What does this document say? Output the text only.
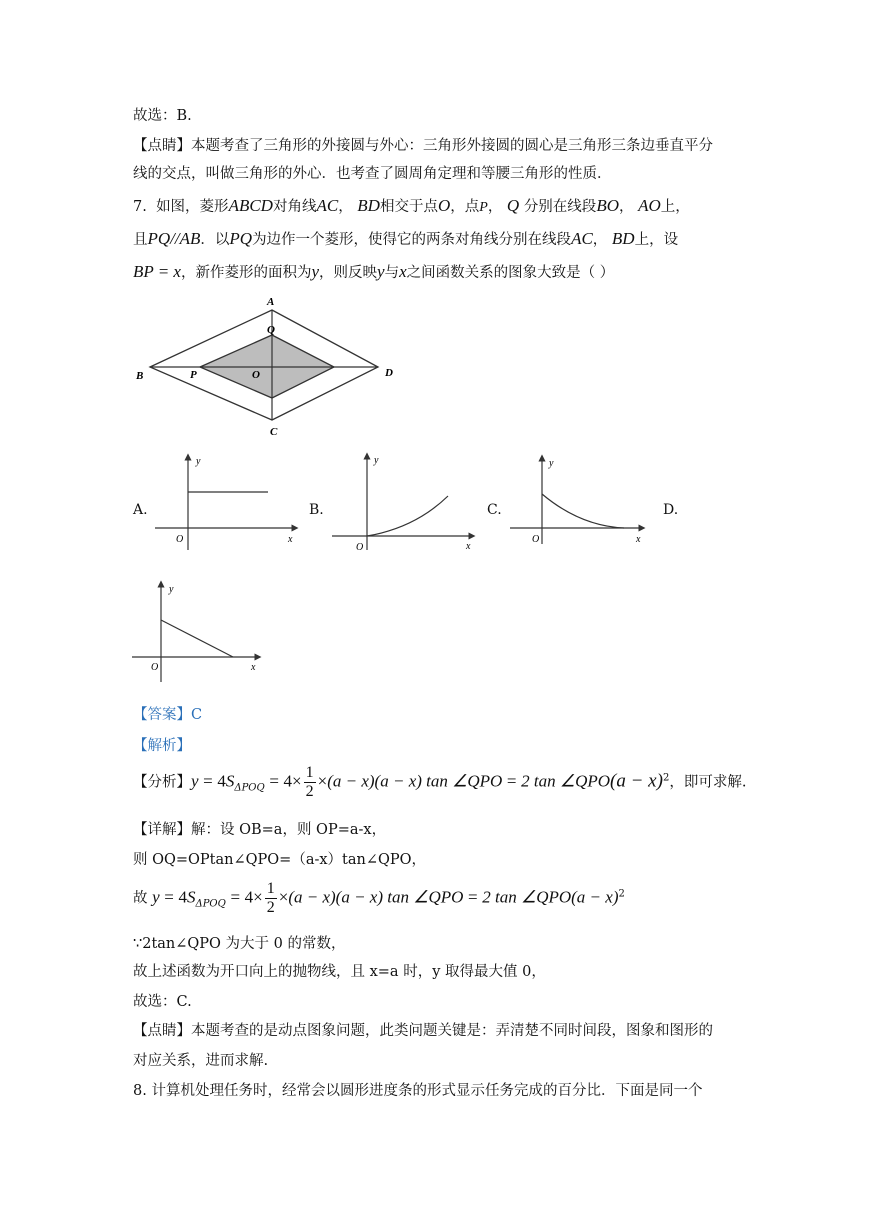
故选：B.
【点睛】本题考查了三角形的外接圆与外心：三角形外接圆的圆心是三角形三条边垂直平分
线的交点，叫做三角形的外心．也考查了圆周角定理和等腰三角形的性质．
7. 如图，菱形ABCD对角线AC， BD相交于点O，点P， Q 分别在线段BO， AO上，
且PQ//AB．以PQ为边作一个菱形，使得它的两条对角线分别在线段AC， BD上，设
BP = x，新作菱形的面积为y，则反映y与x之间函数关系的图象大致是（ ）
A
B
C
D
O
P
Q
A.
y
x
O
B.
y
x
O
C.
y
x
O
D.
y
x
O
【答案】C
【解析】
【分析】$y = 4S_{\Delta POQ} = 4\times \frac{1}{2} \times(a - x)(a - x)$ tan ∠QPO = 2 tan ∠QPO(a − x)$^2$，即可求解.
【详解】解：设 OB=a，则 OP=a-x，
则 OQ=OPtan∠QPO=（a-x）tan∠QPO，
故 $y = 4S_{\Delta POQ} = 4\times \frac{1}{2} \times(a - x)(a - x)$ tan ∠QPO = 2 tan ∠QPO(a − x)$^2$
∵2tan∠QPO 为大于 0 的常数，
故上述函数为开口向上的抛物线，且 x=a 时，y 取得最大值 0，
故选：C.
【点睛】本题考查的是动点图象问题，此类问题关键是：弄清楚不同时间段，图象和图形的
对应关系，进而求解.
8. 计算机处理任务时，经常会以圆形进度条的形式显示任务完成的百分比．下面是同一个
